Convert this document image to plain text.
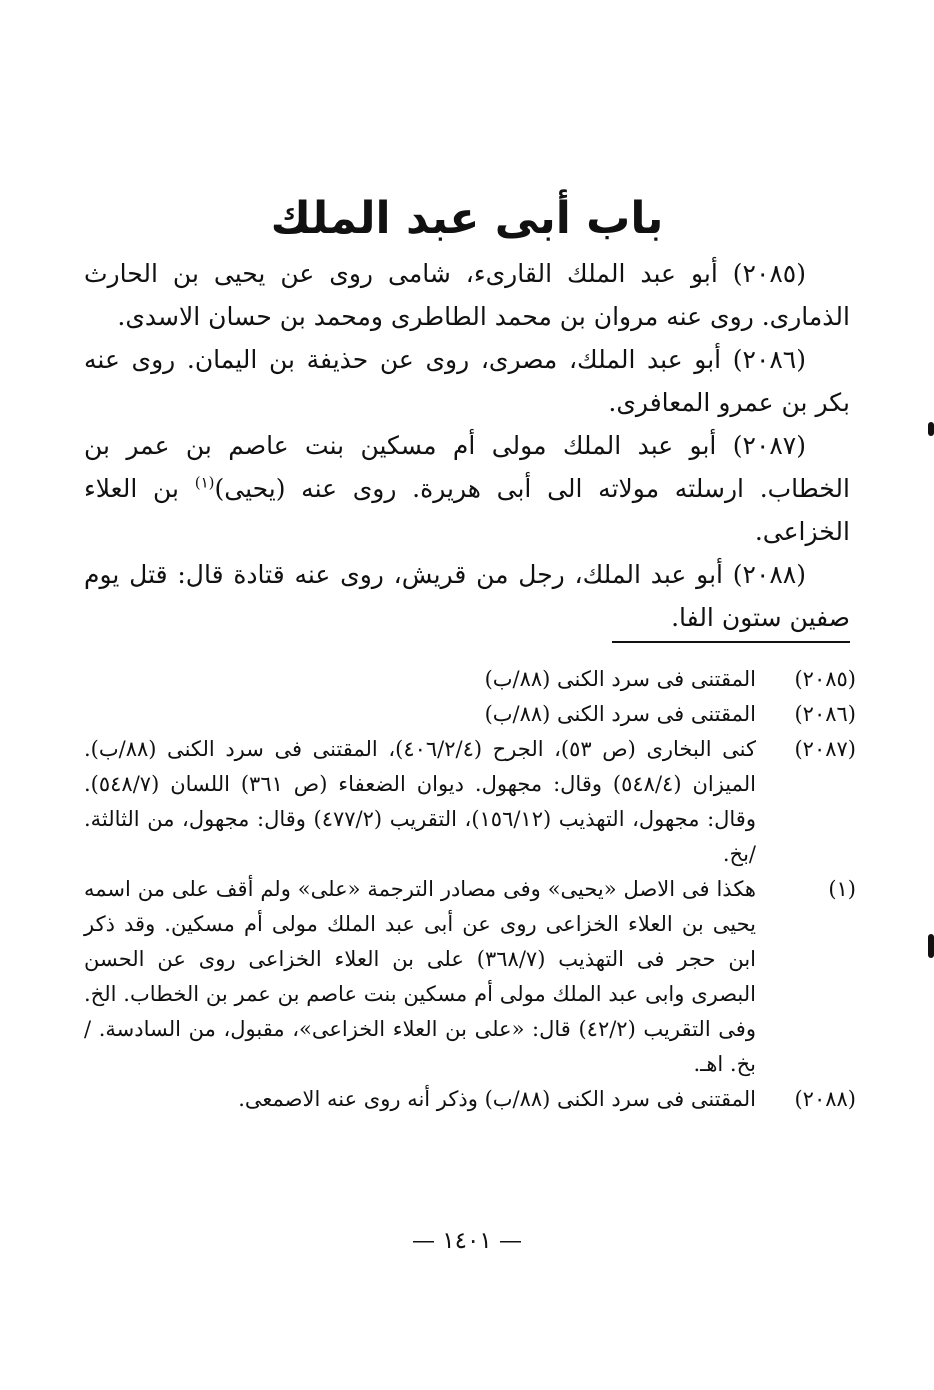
باب أبى عبد الملك

(٢٠٨٥) أبو عبد الملك القارىء، شامى روى عن يحيى بن الحارث الذمارى. روى عنه مروان بن محمد الطاطرى ومحمد بن حسان الاسدى.

(٢٠٨٦) أبو عبد الملك، مصرى، روى عن حذيفة بن اليمان. روى عنه بكر بن عمرو المعافرى.

(٢٠٨٧) أبو عبد الملك مولى أم مسكين بنت عاصم بن عمر بن الخطاب. ارسلته مولاته الى أبى هريرة. روى عنه (يحيى)$^{(١)}$ بن العلاء الخزاعى.

(٢٠٨٨) أبو عبد الملك، رجل من قريش، روى عنه قتادة قال: قتل يوم صفين ستون الفا.

(٢٠٨٥)
المقتنى فى سرد الكنى (٨٨/ب)
(٢٠٨٦)
المقتنى فى سرد الكنى (٨٨/ب)
(٢٠٨٧)
كنى البخارى (ص ٥٣)، الجرح (٤٠٦/٢/٤)، المقتنى فى سرد الكنى (٨٨/ب). الميزان (٥٤٨/٤) وقال: مجهول. ديوان الضعفاء (ص ٣٦١) اللسان (٥٤٨/٧). وقال: مجهول، التهذيب (١٥٦/١٢)، التقريب (٤٧٧/٢) وقال: مجهول، من الثالثة. /بخ.
(١)
هكذا فى الاصل «يحيى» وفى مصادر الترجمة «على» ولم أقف على من اسمه يحيى بن العلاء الخزاعى روى عن أبى عبد الملك مولى أم مسكين. وقد ذكر ابن حجر فى التهذيب (٣٦٨/٧) على بن العلاء الخزاعى روى عن الحسن البصرى وابى عبد الملك مولى أم مسكين بنت عاصم بن عمر بن الخطاب. الخ. وفى التقريب (٤٢/٢) قال: «على بن العلاء الخزاعى»، مقبول، من السادسة. /بخ. اهـ.
(٢٠٨٨)
المقتنى فى سرد الكنى (٨٨/ب) وذكر أنه روى عنه الاصمعى.
— ١٤٠١ —
